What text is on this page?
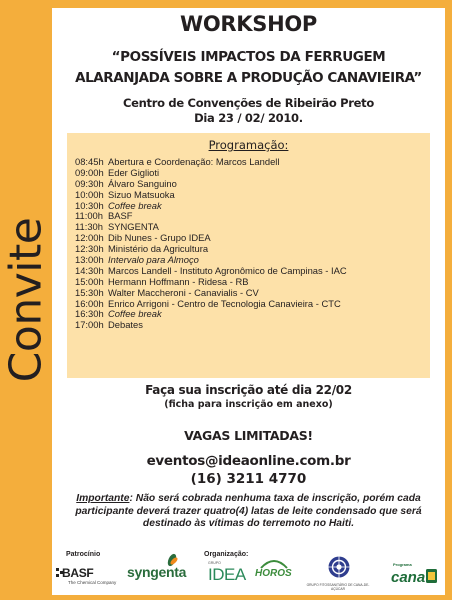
Convite
WORKSHOP
“POSSÍVEIS IMPACTOS DA FERRUGEM
ALARANJADA SOBRE A PRODUÇÃO CANAVIEIRA”
Centro de Convenções de Ribeirão Preto
Dia 23 / 02/ 2010.
Programação:
08:45h Abertura e Coordenação: Marcos Landell
09:00h Eder Giglioti
09:30h Álvaro Sanguino
10:00h Sizuo Matsuoka
10:30h Coffee break
11:00h BASF
11:30h SYNGENTA
12:00h Dib Nunes - Grupo IDEA
12:30h Ministério da Agricultura
13:00h Intervalo para Almoço
14:30h Marcos Landell - Instituto Agronômico de Campinas - IAC
15:00h Hermann Hoffmann - Ridesa - RB
15:30h Walter Maccheroni - Canavialis - CV
16:00h Enrico Arrigoni - Centro de Tecnologia Canavieira - CTC
16:30h Coffee break
17:00h Debates
Faça sua inscrição até dia 22/02
(ficha para inscrição em anexo)
VAGAS LIMITADAS!
eventos@ideaonline.com.br
(16) 3211 4770
Importante: Não será cobrada nenhuma taxa de inscrição, porém cada participante deverá trazer quatro(4) latas de leite condensado que será destinado às vítimas do terremoto no Haiti.
Patrocínio	Organização:
BASF
The Chemical Company
syngenta
GRUPO
IDEA HOROS
GRUPO FITOSSANITÁRIO DE CANA-DE-AÇÚCAR
Programa
cana
